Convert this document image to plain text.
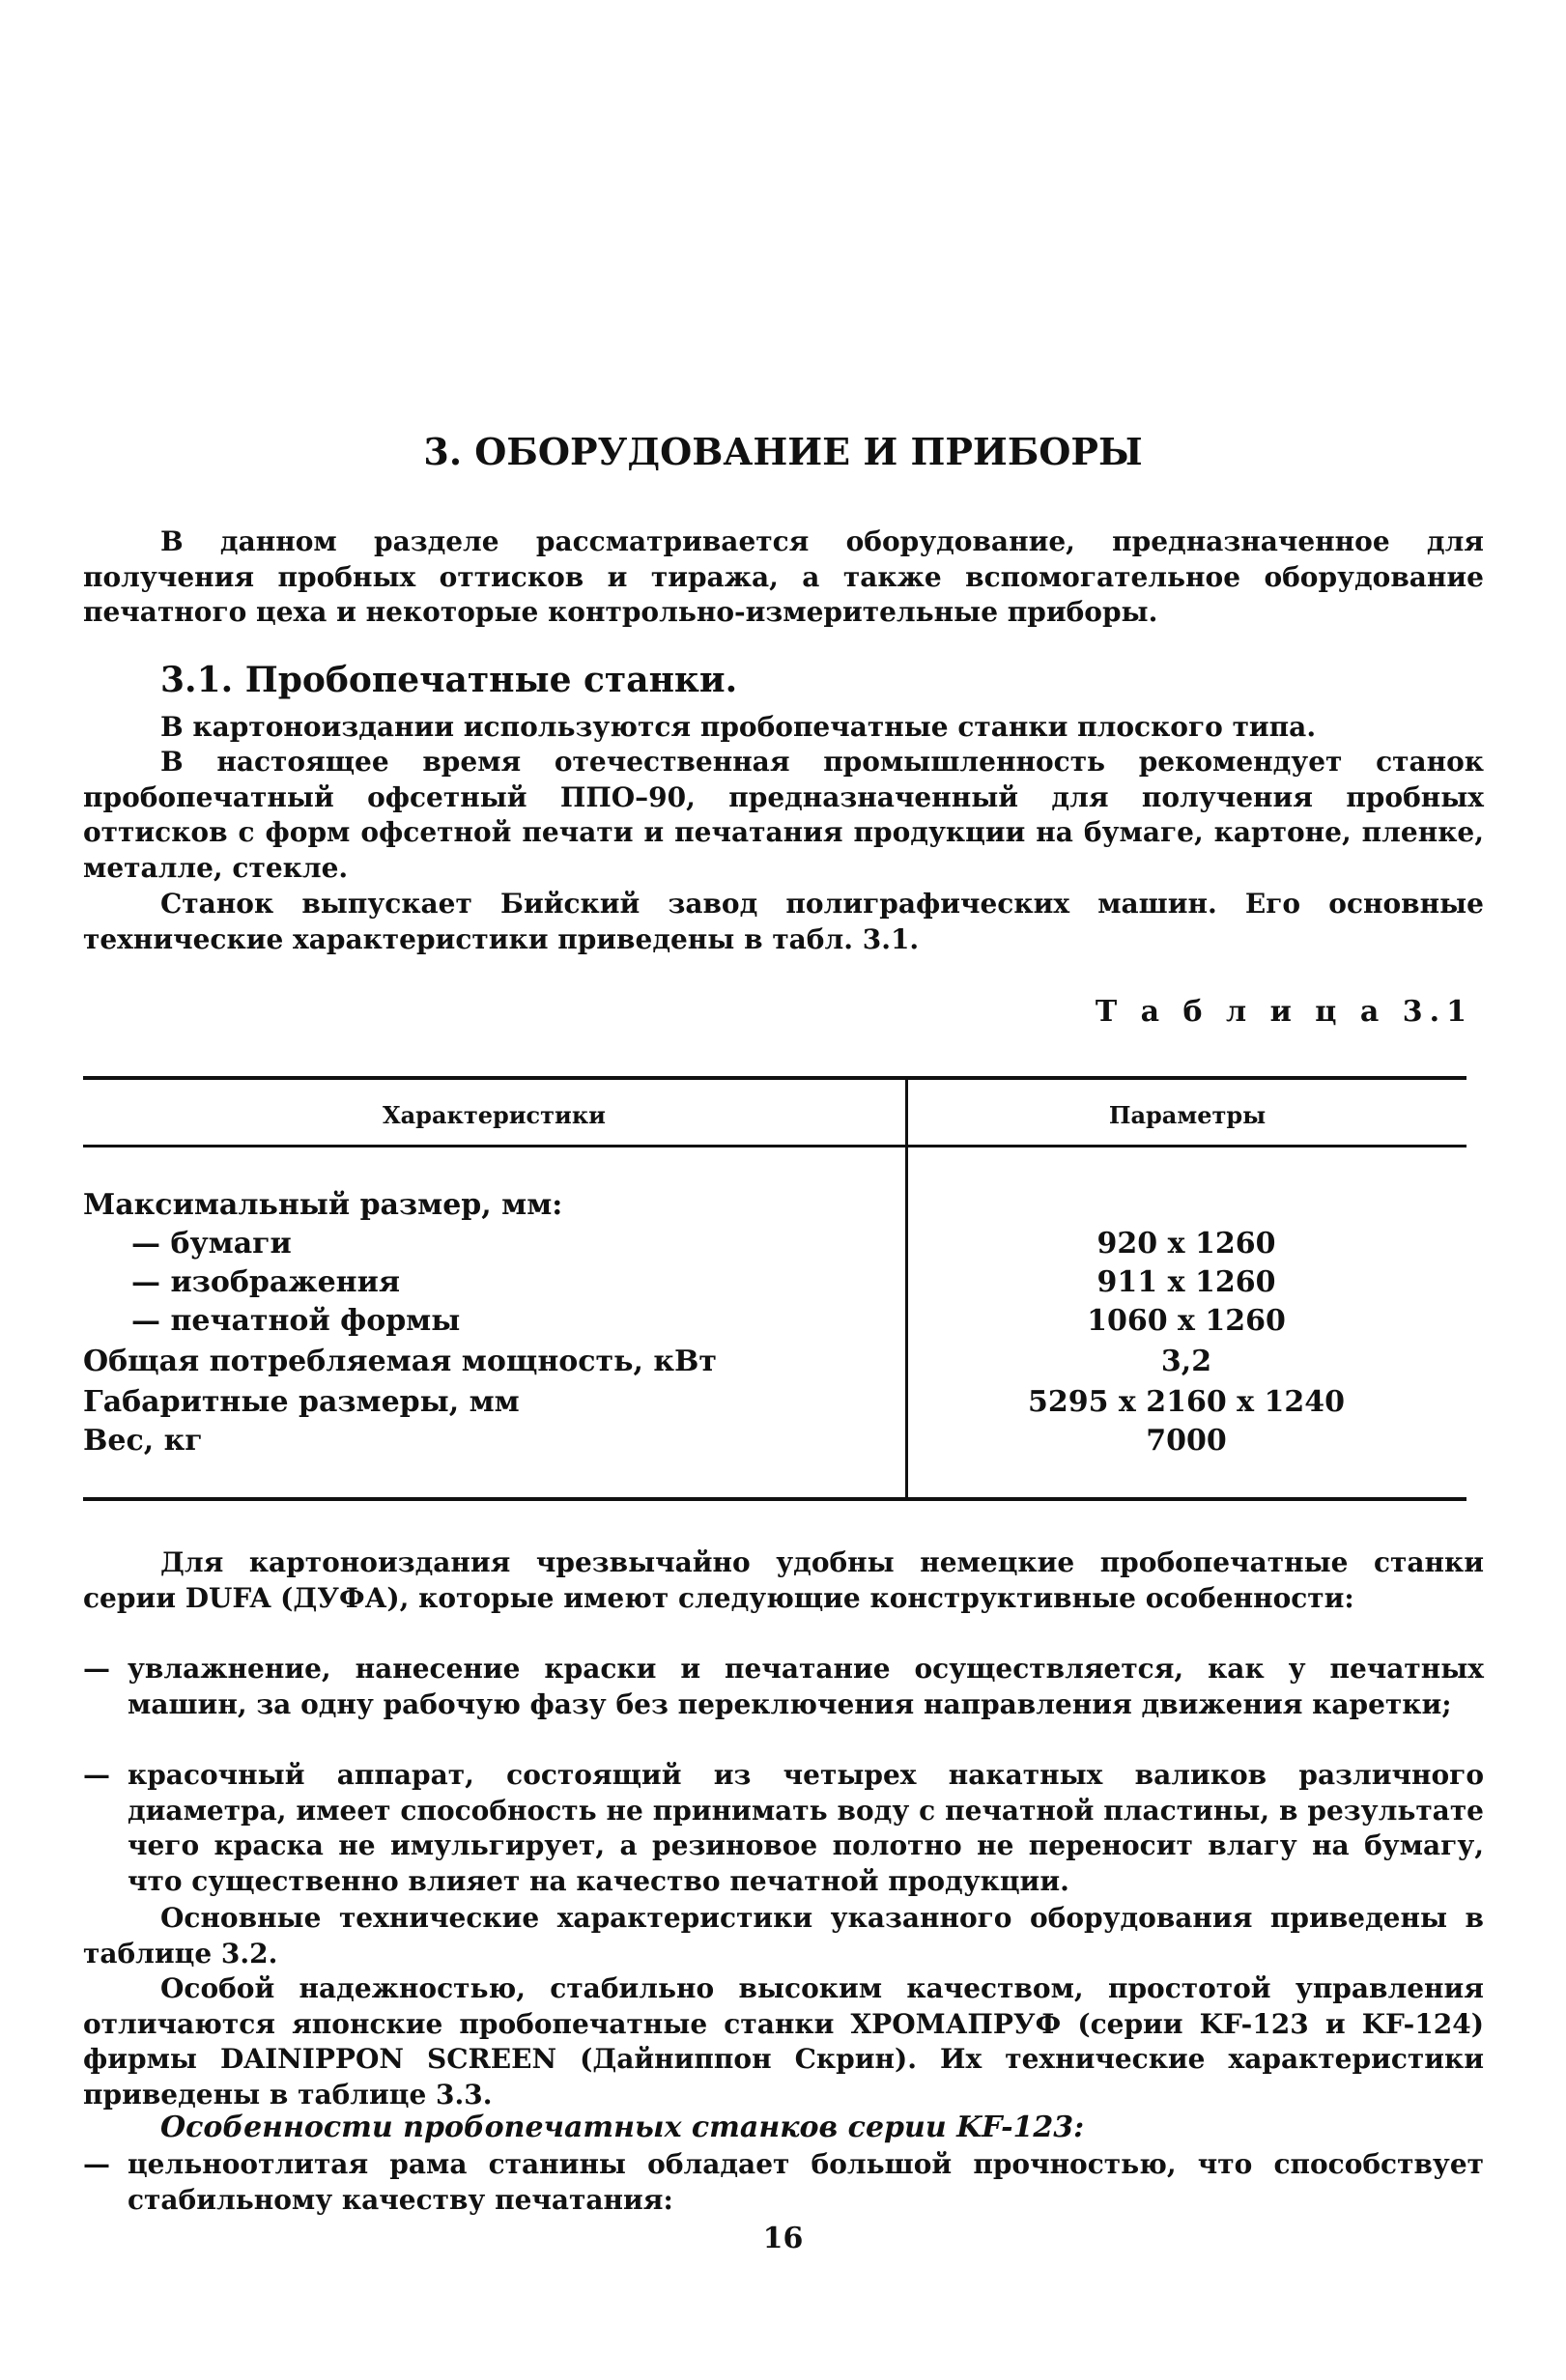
3. ОБОРУДОВАНИЕ И ПРИБОРЫ
В данном разделе рассматривается оборудование, предназначенное для получения пробных оттисков и тиража, а также вспомогательное оборудование печатного цеха и некоторые контрольно-измерительные приборы.
3.1. Пробопечатные станки.
В картоноиздании используются пробопечатные станки плоского типа.
В настоящее время отечественная промышленность рекомендует станок пробопечатный офсетный ППО–90, предназначенный для получения пробных оттисков с форм офсетной печати и печатания продукции на бумаге, картоне, пленке, металле, стекле.
Станок выпускает Бийский завод полиграфических машин. Его основные технические характеристики приведены в табл. 3.1.
Т а б л и ц а 3.1
Характеристики	Параметры
Максимальный размер, мм:
— бумаги	920 x 1260
— изображения	911 x 1260
— печатной формы	1060 x 1260
Общая потребляемая мощность, кВт	3,2
Габаритные размеры, мм	5295 x 2160 x 1240
Вес, кг	7000
Для картоноиздания чрезвычайно удобны немецкие пробопечатные станки серии DUFA (ДУФА), которые имеют следующие конструктивные особенности:
— увлажнение, нанесение краски и печатание осуществляется, как у печатных машин, за одну рабочую фазу без переключения направления движения каретки;
— красочный аппарат, состоящий из четырех накатных валиков различного диаметра, имеет способность не принимать воду с печатной пластины, в результате чего краска не имульгирует, а резиновое полотно не переносит влагу на бумагу, что существенно влияет на качество печатной продукции.
Основные технические характеристики указанного оборудования приведены в таблице 3.2.
Особой надежностью, стабильно высоким качеством, простотой управления отличаются японские пробопечатные станки ХРОМАПРУФ (серии KF-123 и KF-124) фирмы DAINIPPON SCREEN (Дайниппон Скрин). Их технические характеристики приведены в таблице 3.3.
Особенности пробопечатных станков серии KF-123:
— цельноотлитая рама станины обладает большой прочностью, что способствует стабильному качеству печатания:
16
